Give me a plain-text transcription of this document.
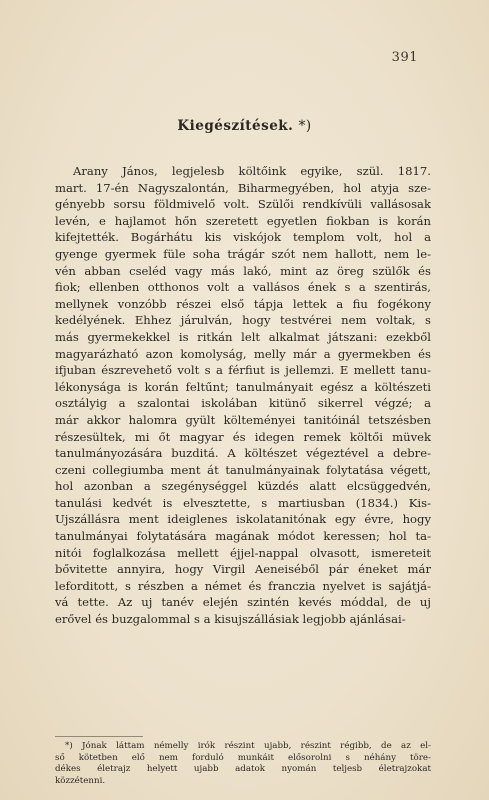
391
Kiegészítések. *)
Arany János, legjelesb költőink egyike, szül. 1817.
mart. 17-én Nagyszalontán, Biharmegyében, hol atyja sze-
gényebb sorsu földmivelő volt. Szülői rendkívüli vallásosak
levén, e hajlamot hőn szeretett egyetlen fiokban is korán
kifejtették. Bogárhátu kis viskójok templom volt, hol a
gyenge gyermek füle soha trágár szót nem hallott, nem le-
vén abban cseléd vagy más lakó, mint az öreg szülők és
fiok; ellenben otthonos volt a vallásos ének s a szentirás,
mellynek vonzóbb részei első tápja lettek a fiu fogékony
kedélyének. Ehhez járulván, hogy testvérei nem voltak, s
más gyermekekkel is ritkán lelt alkalmat játszani: ezekből
magyarázható azon komolyság, melly már a gyermekben és
ifjuban észrevehető volt s a férfiut is jellemzi. E mellett tanu-
lékonysága is korán feltűnt; tanulmányait egész a költészeti
osztályig a szalontai iskolában kitünő sikerrel végzé; a
már akkor halomra gyült költeményei tanitóinál tetszésben
részesültek, mi őt magyar és idegen remek költői müvek
tanulmányozására buzditá. A költészet végeztével a debre-
czeni collegiumba ment át tanulmányainak folytatása végett,
hol azonban a szegénységgel küzdés alatt elcsüggedvén,
tanulási kedvét is elvesztette, s martiusban (1834.) Kis-
Ujszállásra ment ideiglenes iskolatanitónak egy évre, hogy
tanulmányai folytatására magának módot keressen; hol ta-
nitói foglalkozása mellett éjjel-nappal olvasott, ismereteit
bővitette annyira, hogy Virgil Aeneiséből pár éneket már
leforditott, s részben a német és franczia nyelvet is sajátjá-
vá tette. Az uj tanév elején szintén kevés móddal, de uj
erővel és buzgalommal s a kisujszállásiak legjobb ajánlásai-
*) Jónak láttam némelly irók részint ujabb, részint régibb, de az el-
ső kötetben elő nem forduló munkáit elősorolni s néhány töre-
dékes életrajz helyett ujabb adatok nyomán teljesb életrajzokat
közzétenni.
